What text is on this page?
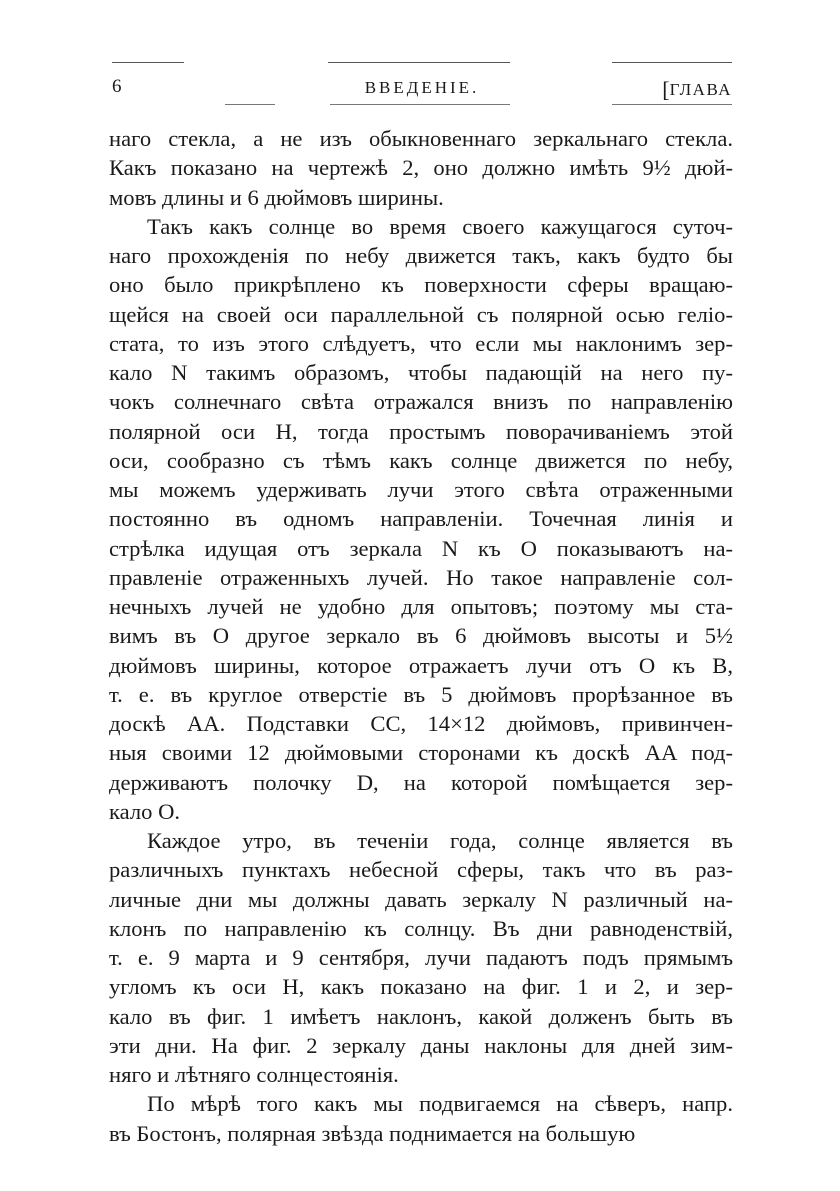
6	ВВЕДЕНІЕ.	[ГЛАВА
наго стекла, а не изъ обыкновеннаго зеркальнаго стекла.
Какъ показано на чертежѣ 2, оно должно имѣть 9½ дюй-
мовъ длины и 6 дюймовъ ширины.
Такъ какъ солнце во время своего кажущагося суточ-
наго прохожденія по небу движется такъ, какъ будто бы
оно было прикрѣплено къ поверхности сферы вращаю-
щейся на своей оси параллельной съ полярной осью геліо-
стата, то изъ этого слѣдуетъ, что если мы наклонимъ зер-
кало N такимъ образомъ, чтобы падающій на него пу-
чокъ солнечнаго свѣта отражался внизъ по направленію
полярной оси H, тогда простымъ поворачиваніемъ этой
оси, сообразно съ тѣмъ какъ солнце движется по небу,
мы можемъ удерживать лучи этого свѣта отраженными
постоянно въ одномъ направленіи. Точечная линія и
стрѣлка идущая отъ зеркала N къ O показываютъ на-
правленіе отраженныхъ лучей. Но такое направленіе сол-
нечныхъ лучей не удобно для опытовъ; поэтому мы ста-
вимъ въ O другое зеркало въ 6 дюймовъ высоты и 5½
дюймовъ ширины, которое отражаетъ лучи отъ O къ B,
т. е. въ круглое отверстіе въ 5 дюймовъ прорѣзанное въ
доскѣ AA. Подставки CC, 14×12 дюймовъ, привинчен-
ныя своими 12 дюймовыми сторонами къ доскѣ AA под-
держиваютъ полочку D, на которой помѣщается зер-
кало O.
Каждое утро, въ теченіи года, солнце является въ
различныхъ пунктахъ небесной сферы, такъ что въ раз-
личные дни мы должны давать зеркалу N различный на-
клонъ по направленію къ солнцу. Въ дни равноденствій,
т. е. 9 марта и 9 сентября, лучи падаютъ подъ прямымъ
угломъ къ оси H, какъ показано на фиг. 1 и 2, и зер-
кало въ фиг. 1 имѣетъ наклонъ, какой долженъ быть въ
эти дни. На фиг. 2 зеркалу даны наклоны для дней зим-
няго и лѣтняго солнцестоянія.
По мѣрѣ того какъ мы подвигаемся на сѣверъ, напр.
въ Бостонъ, полярная звѣзда поднимается на большую
